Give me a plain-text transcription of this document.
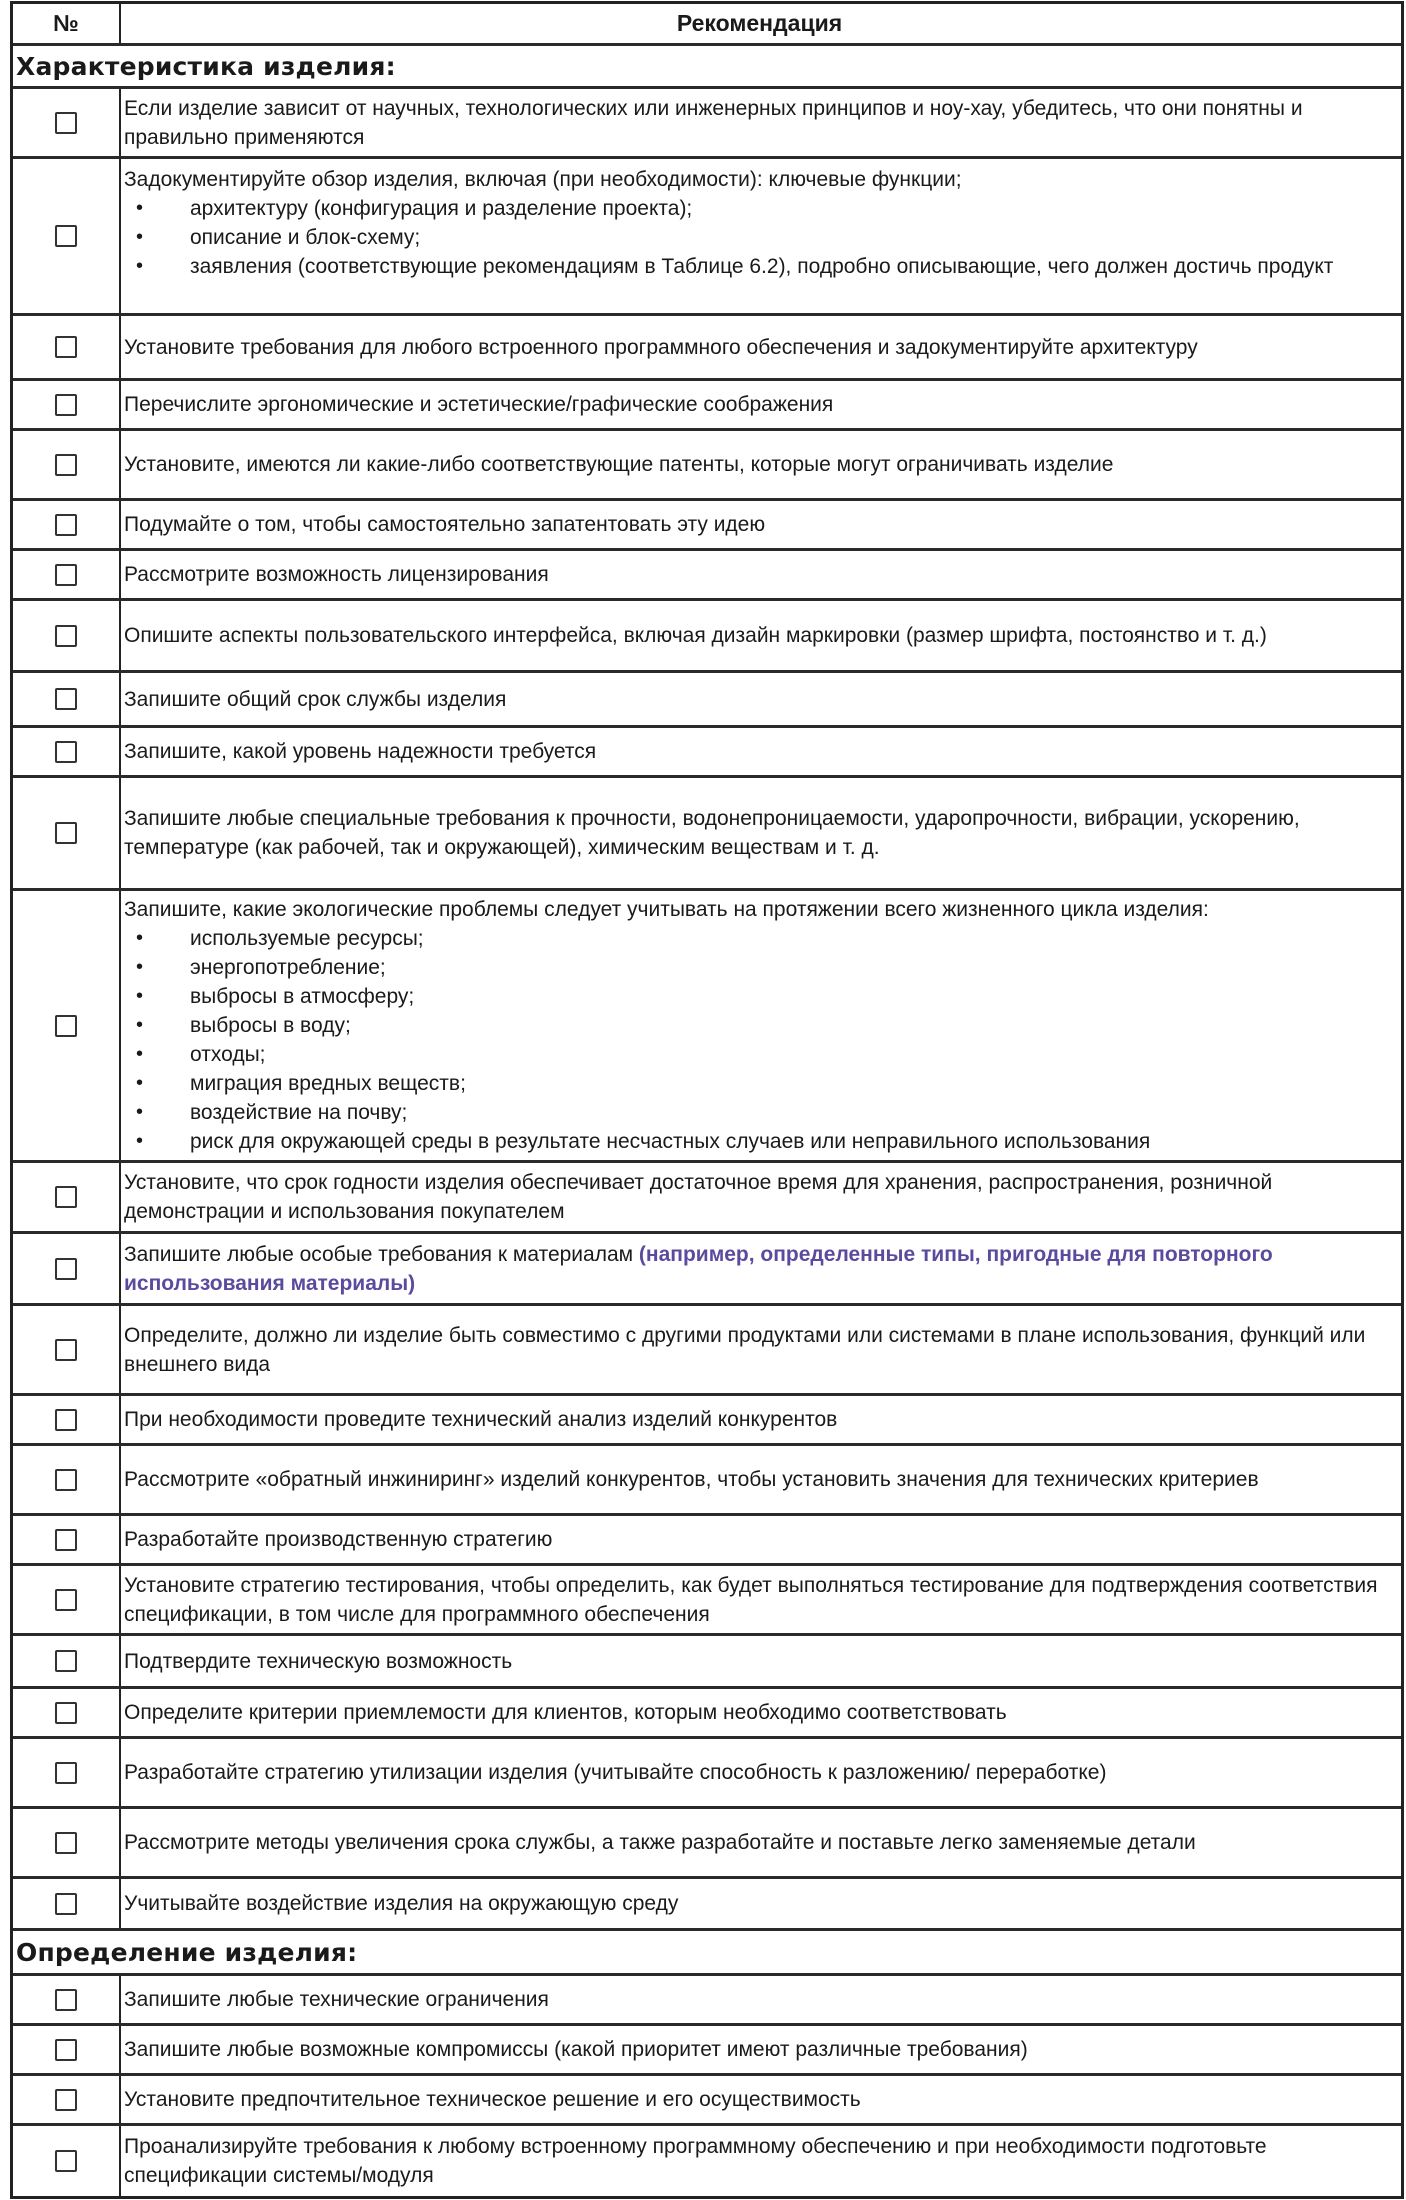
№	Рекомендация
Характеристика изделия:
Если изделие зависит от научных, технологических или инженерных принципов и ноу-хау, убедитесь, что они понятны и правильно применяются
Задокументируйте обзор изделия, включая (при необходимости): ключевые функции;
• архитектуру (конфигурация и разделение проекта);
• описание и блок-схему;
• заявления (соответствующие рекомендациям в Таблице 6.2), подробно описывающие, чего должен достичь продукт
Установите требования для любого встроенного программного обеспечения и задокументируйте архитектуру
Перечислите эргономические и эстетические/графические соображения
Установите, имеются ли какие-либо соответствующие патенты, которые могут ограничивать изделие
Подумайте о том, чтобы самостоятельно запатентовать эту идею
Рассмотрите возможность лицензирования
Опишите аспекты пользовательского интерфейса, включая дизайн маркировки (размер шрифта, постоянство и т. д.)
Запишите общий срок службы изделия
Запишите, какой уровень надежности требуется
Запишите любые специальные требования к прочности, водонепроницаемости, ударопрочности, вибрации, ускорению, температуре (как рабочей, так и окружающей), химическим веществам и т. д.
Запишите, какие экологические проблемы следует учитывать на протяжении всего жизненного цикла изделия:
• используемые ресурсы;
• энергопотребление;
• выбросы в атмосферу;
• выбросы в воду;
• отходы;
• миграция вредных веществ;
• воздействие на почву;
• риск для окружающей среды в результате несчастных случаев или неправильного использования
Установите, что срок годности изделия обеспечивает достаточное время для хранения, распространения, розничной демонстрации и использования покупателем
Запишите любые особые требования к материалам (например, определенные типы, пригодные для повторного использования материалы)
Определите, должно ли изделие быть совместимо с другими продуктами или системами в плане использования, функций или внешнего вида
При необходимости проведите технический анализ изделий конкурентов
Рассмотрите «обратный инжиниринг» изделий конкурентов, чтобы установить значения для технических критериев
Разработайте производственную стратегию
Установите стратегию тестирования, чтобы определить, как будет выполняться тестирование для подтверждения соответствия спецификации, в том числе для программного обеспечения
Подтвердите техническую возможность
Определите критерии приемлемости для клиентов, которым необходимо соответствовать
Разработайте стратегию утилизации изделия (учитывайте способность к разложению/ переработке)
Рассмотрите методы увеличения срока службы, а также разработайте и поставьте легко заменяемые детали
Учитывайте воздействие изделия на окружающую среду
Определение изделия:
Запишите любые технические ограничения
Запишите любые возможные компромиссы (какой приоритет имеют различные требования)
Установите предпочтительное техническое решение и его осуществимость
Проанализируйте требования к любому встроенному программному обеспечению и при необходимости подготовьте спецификации системы/модуля
